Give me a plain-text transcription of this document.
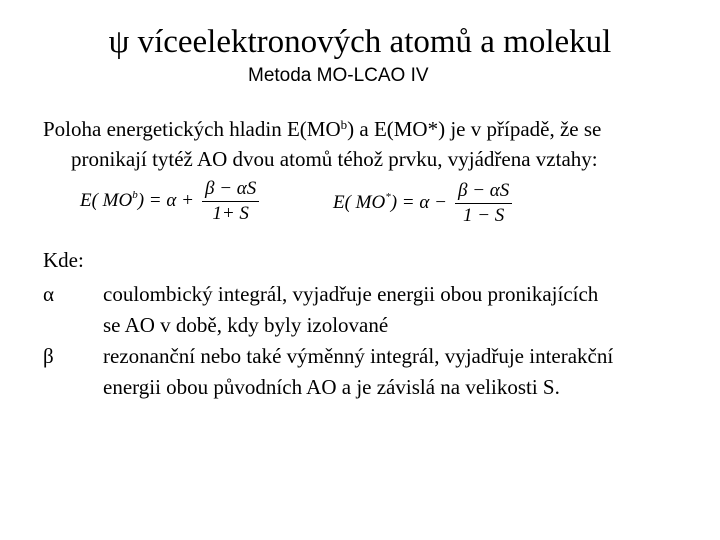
ψ víceelektronových atomů a molekul
Metoda MO-LCAO IV
Poloha energetických hladin $E(MO^b)$ a E(MO*) je v případě, že se
pronikají tytéž AO dvou atomů téhož prvku, vyjádřena vztahy:
E( $MO^b) = \alpha + \frac{\beta - \alpha S}{1+ S}$	E( $MO^*) = \alpha - \frac{\beta - \alpha S}{1 - S}$
Kde:
α coulombický integrál, vyjadřuje energii obou pronikajících
se AO v době, kdy byly izolované
β rezonanční nebo také výměnný integrál, vyjadřuje interakční
energii obou původních AO a je závislá na velikosti S.
